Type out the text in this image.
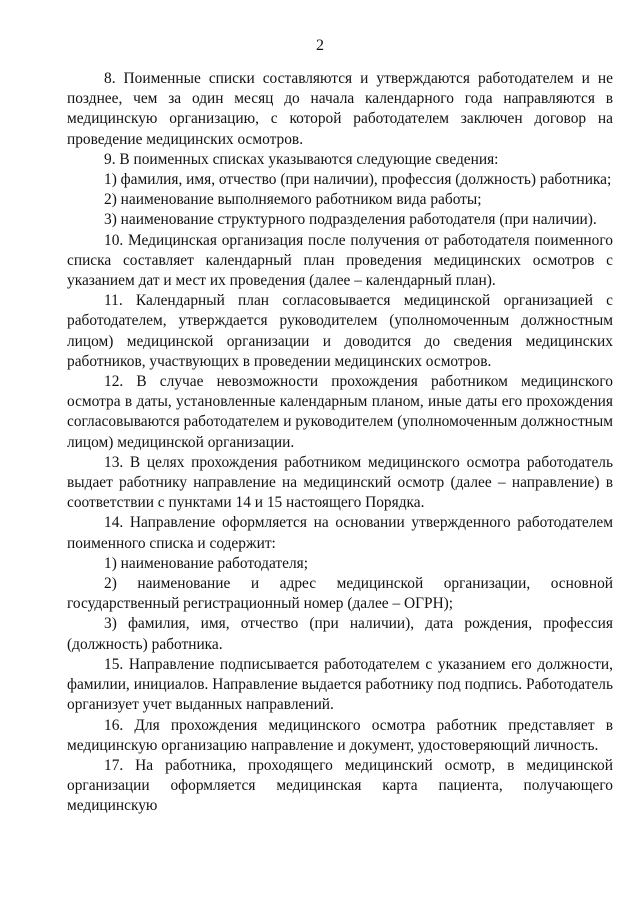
2

8. Поименные списки составляются и утверждаются работодателем и не позднее, чем за один месяц до начала календарного года направляются в медицинскую организацию, с которой работодателем заключен договор на проведение медицинских осмотров.

9. В поименных списках указываются следующие сведения:

1) фамилия, имя, отчество (при наличии), профессия (должность) работника;

2) наименование выполняемого работником вида работы;

3) наименование структурного подразделения работодателя (при наличии).

10. Медицинская организация после получения от работодателя поименного списка составляет календарный план проведения медицинских осмотров с указанием дат и мест их проведения (далее – календарный план).

11. Календарный план согласовывается медицинской организацией с работодателем, утверждается руководителем (уполномоченным должностным лицом) медицинской организации и доводится до сведения медицинских работников, участвующих в проведении медицинских осмотров.

12. В случае невозможности прохождения работником медицинского осмотра в даты, установленные календарным планом, иные даты его прохождения согласовываются работодателем и руководителем (уполномоченным должностным лицом) медицинской организации.

13. В целях прохождения работником медицинского осмотра работодатель выдает работнику направление на медицинский осмотр (далее – направление) в соответствии с пунктами 14 и 15 настоящего Порядка.

14. Направление оформляется на основании утвержденного работодателем поименного списка и содержит:

1) наименование работодателя;

2) наименование и адрес медицинской организации, основной государственный регистрационный номер (далее – ОГРН);

3) фамилия, имя, отчество (при наличии), дата рождения, профессия (должность) работника.

15. Направление подписывается работодателем с указанием его должности, фамилии, инициалов. Направление выдается работнику под подпись. Работодатель организует учет выданных направлений.

16. Для прохождения медицинского осмотра работник представляет в медицинскую организацию направление и документ, удостоверяющий личность.

17. На работника, проходящего медицинский осмотр, в медицинской организации оформляется медицинская карта пациента, получающего медицинскую
